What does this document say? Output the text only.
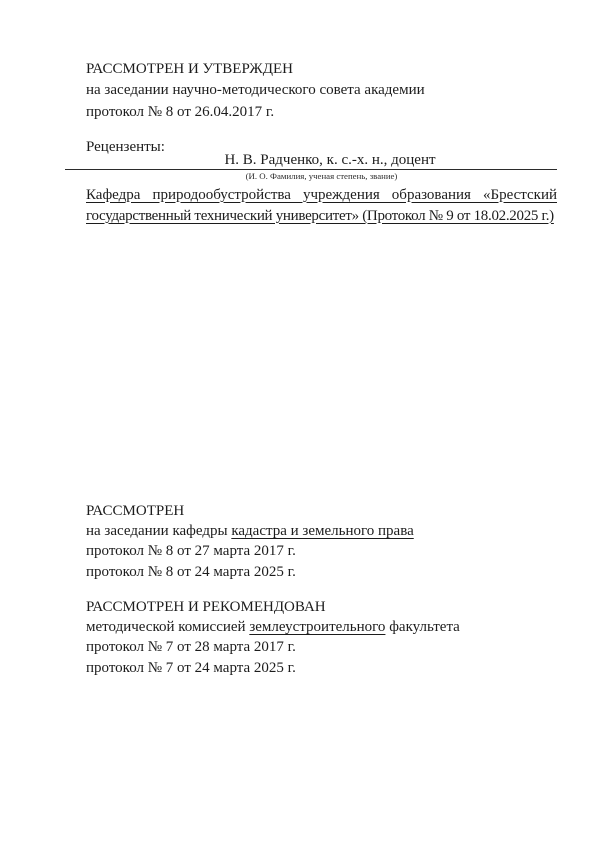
РАССМОТРЕН И УТВЕРЖДЕН
на заседании научно-методического совета академии
протокол № 8 от 26.04.2017 г.
Рецензенты:
Н. В. Радченко, к. с.-х. н., доцент
(И. О. Фамилия, ученая степень, звание)
Кафедра природообустройства учреждения образования «Брестский
государственный технический университет» (Протокол № 9 от 18.02.2025 г.)
РАССМОТРЕН
на заседании кафедры кадастра и земельного права
протокол № 8 от 27 марта 2017 г.
протокол № 8 от 24 марта 2025 г.
РАССМОТРЕН И РЕКОМЕНДОВАН
методической комиссией землеустроительного факультета
протокол № 7 от 28 марта 2017 г.
протокол № 7 от 24 марта 2025 г.
